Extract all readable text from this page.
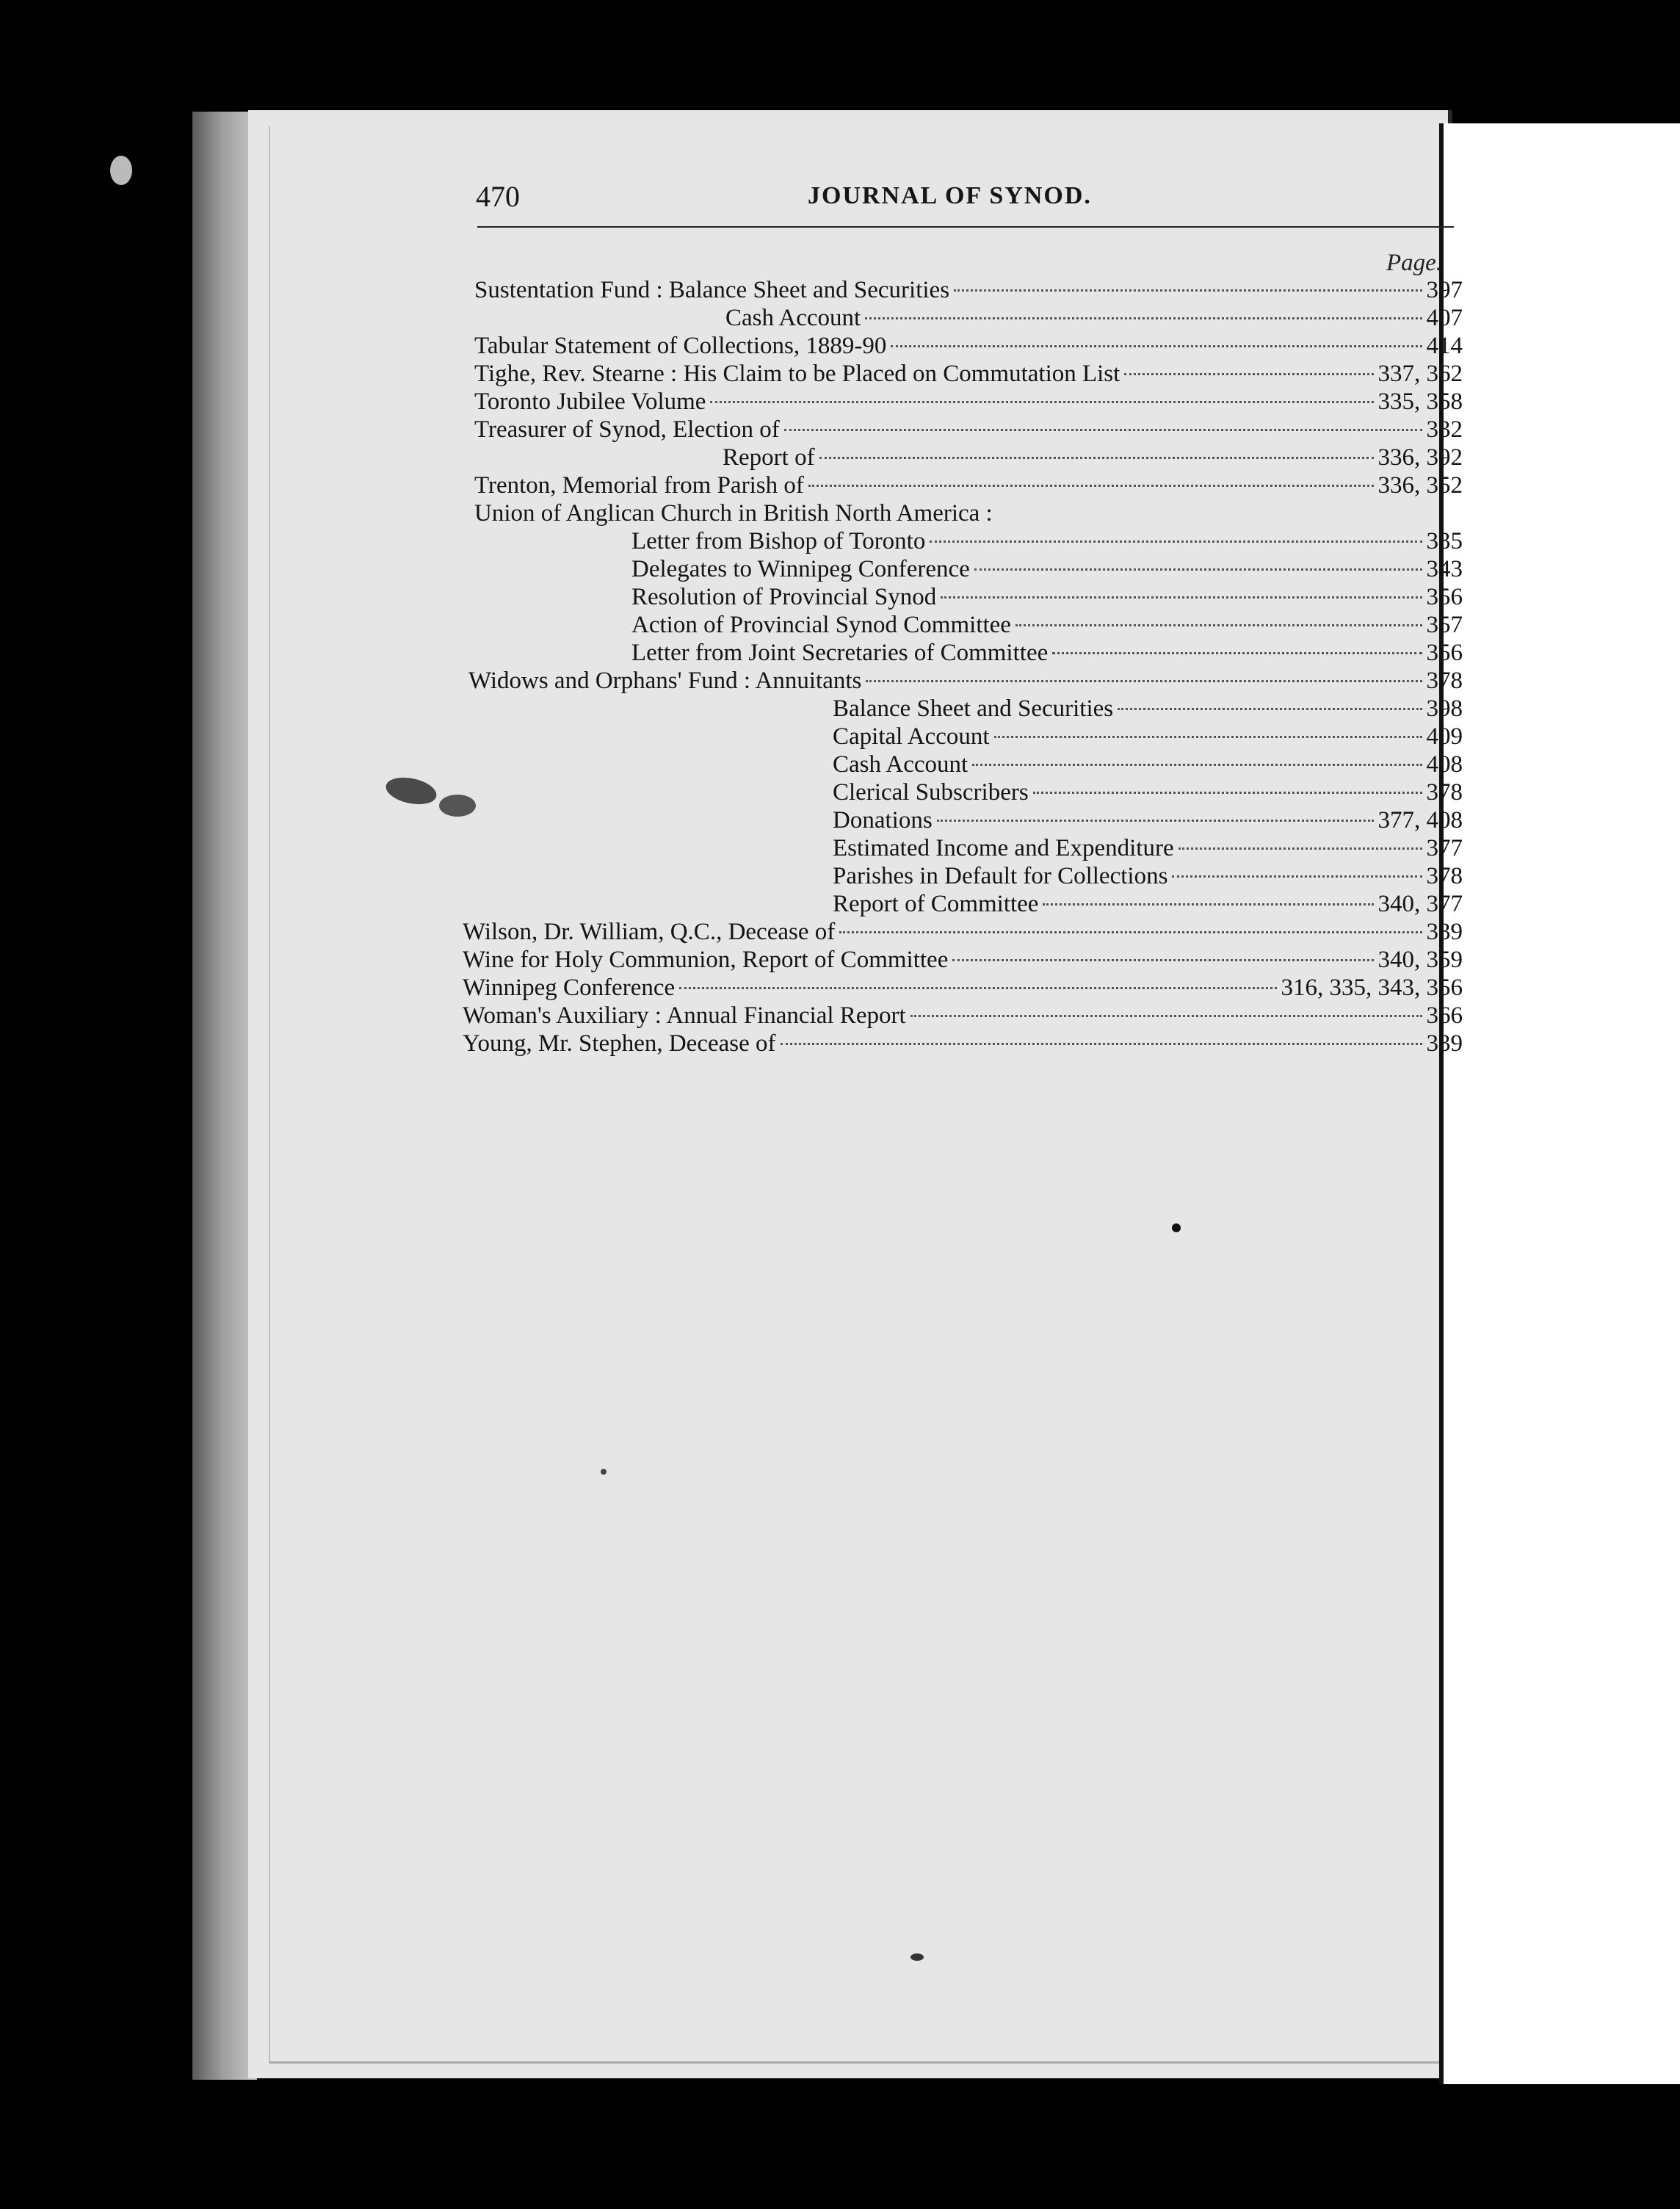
470	JOURNAL OF SYNOD.
Page.
Sustentation Fund : Balance Sheet and Securities	397
Cash Account	407
Tabular Statement of Collections, 1889-90	414
Tighe, Rev. Stearne : His Claim to be Placed on Commutation List	337, 362
Toronto Jubilee Volume	335, 358
Treasurer of Synod, Election of	332
Report of	336, 392
Trenton, Memorial from Parish of	336, 352
Union of Anglican Church in British North America :
Letter from Bishop of Toronto	335
Delegates to Winnipeg Conference	343
Resolution of Provincial Synod	356
Action of Provincial Synod Committee	357
Letter from Joint Secretaries of Committee	356
Widows and Orphans' Fund : Annuitants	378
Balance Sheet and Securities	398
Capital Account	409
Cash Account	408
Clerical Subscribers	378
Donations	377, 408
Estimated Income and Expenditure	377
Parishes in Default for Collections	378
Report of Committee	340, 377
Wilson, Dr. William, Q.C., Decease of	339
Wine for Holy Communion, Report of Committee	340, 359
Winnipeg Conference	316, 335, 343, 356
Woman's Auxiliary : Annual Financial Report	366
Young, Mr. Stephen, Decease of	339
